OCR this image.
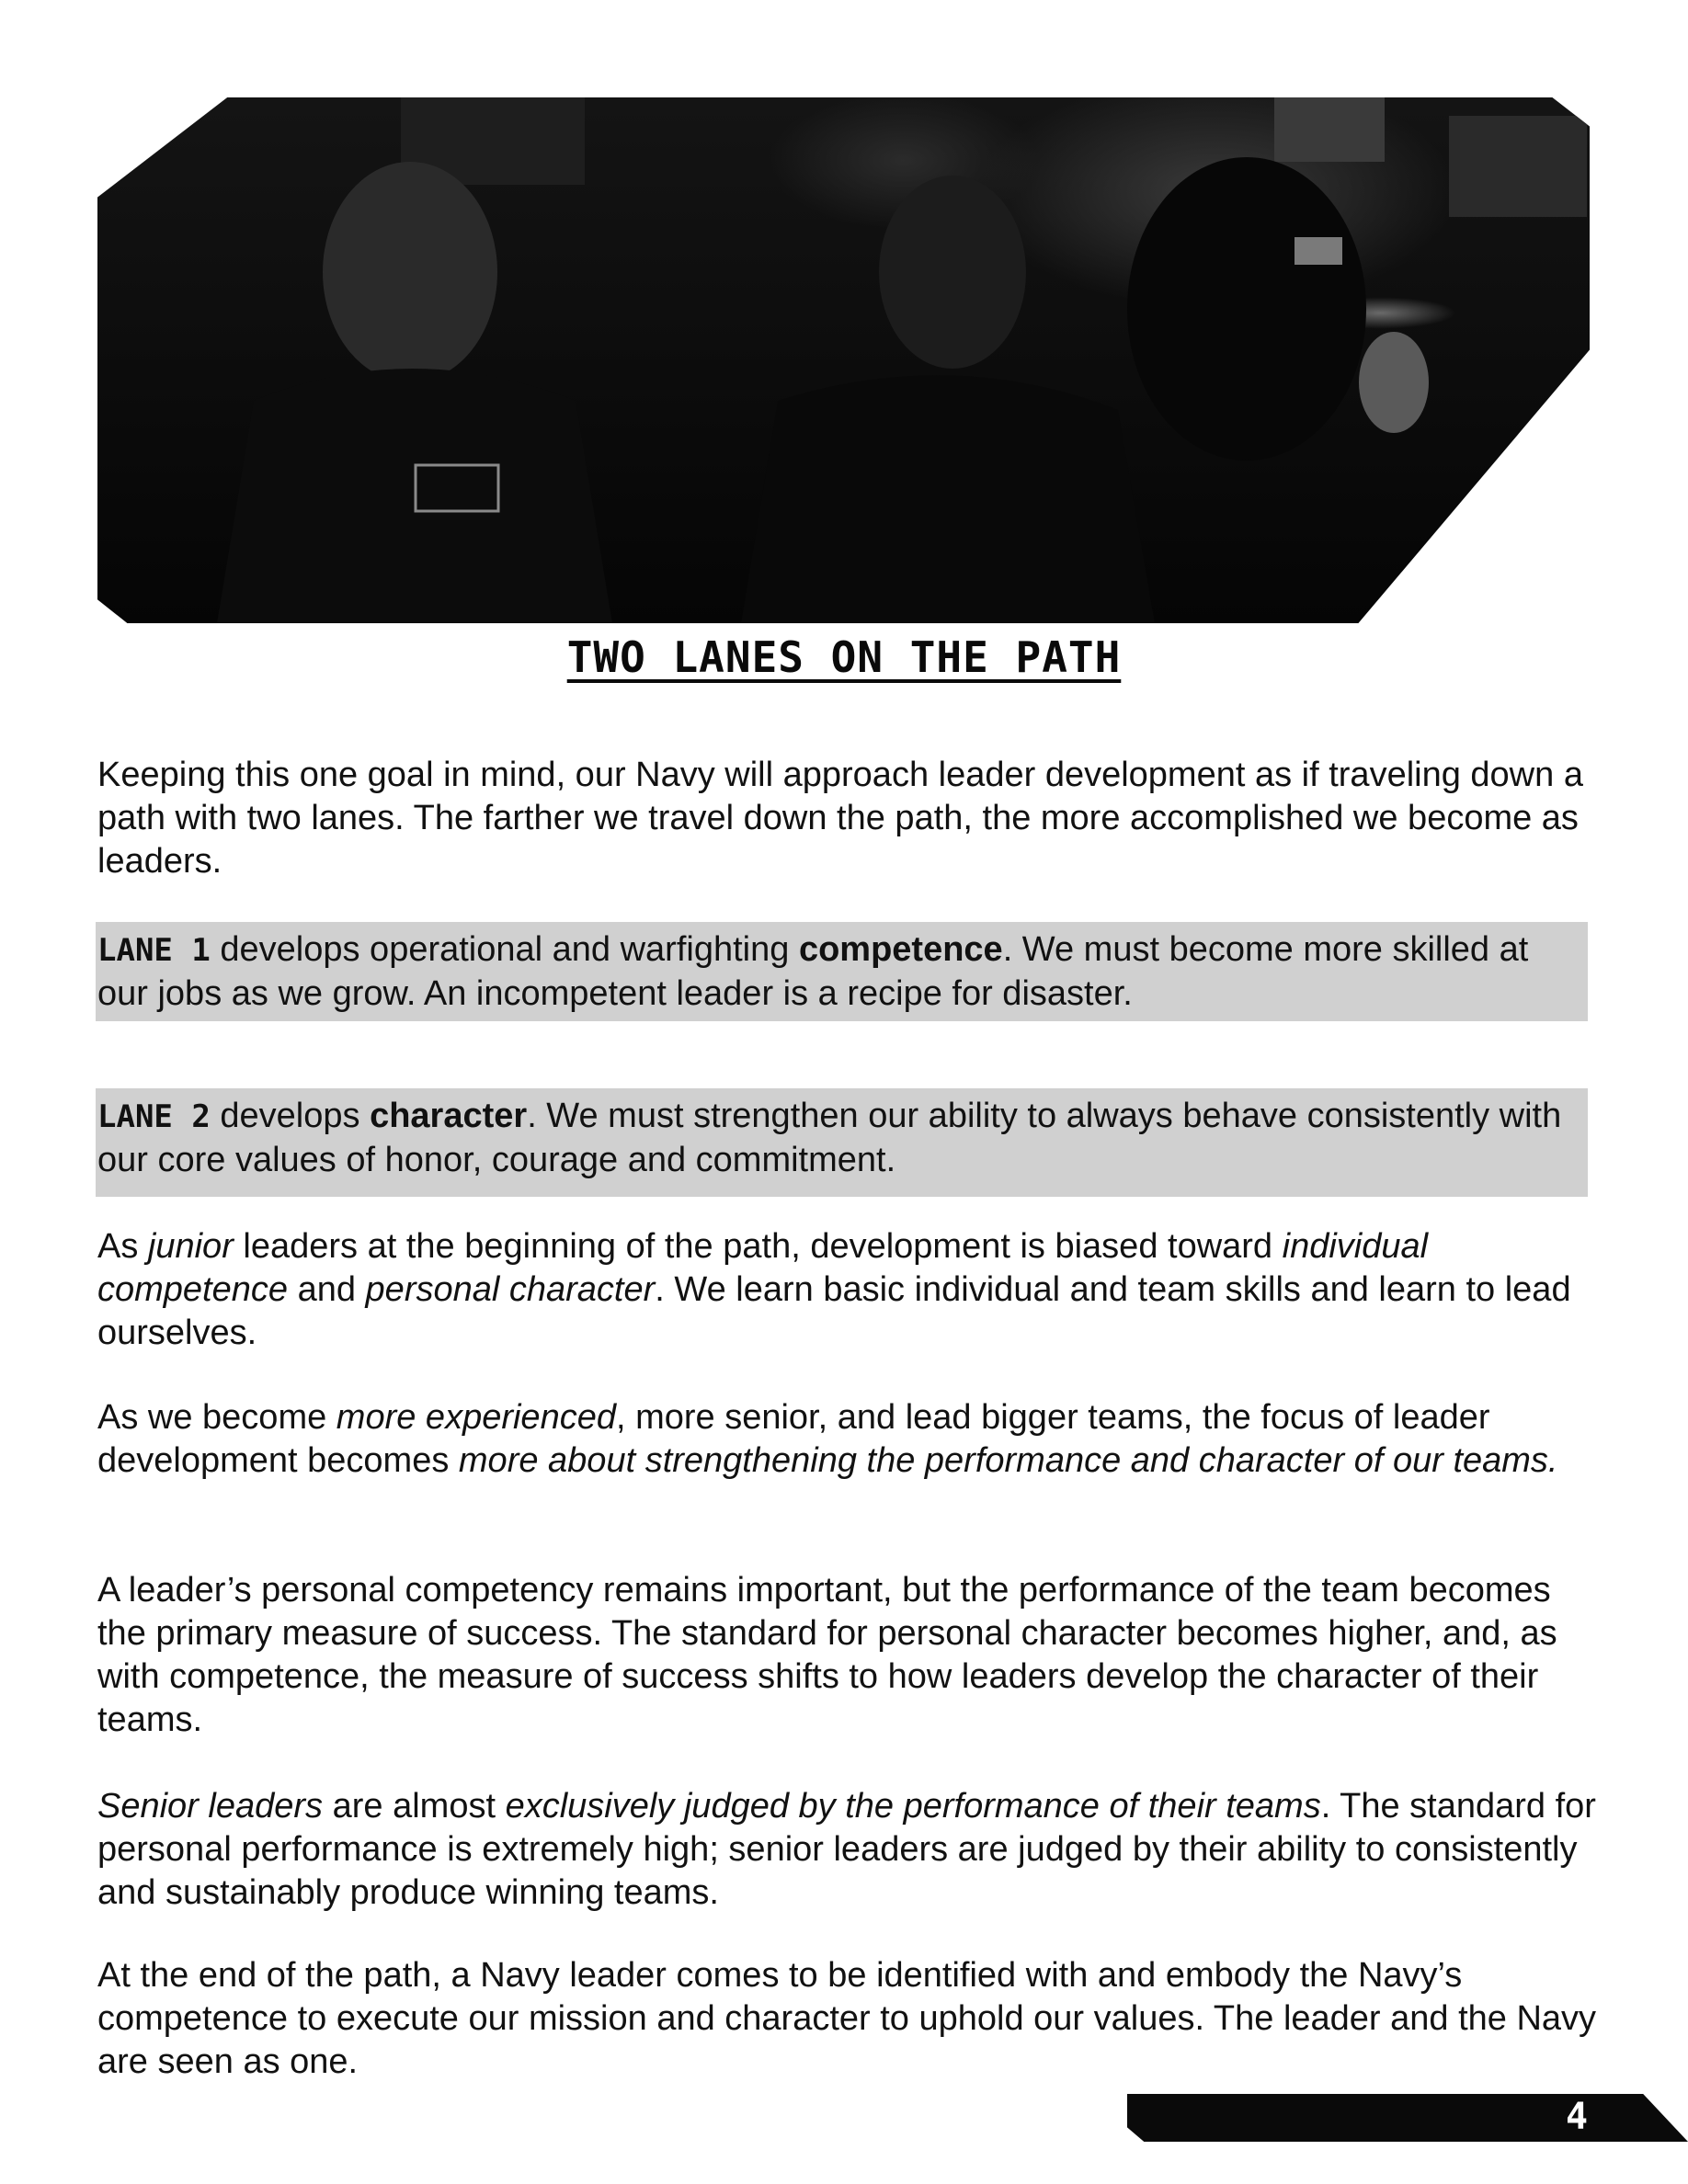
TWO LANES ON THE PATH

Keeping this one goal in mind, our Navy will approach leader development as if traveling down a path with two lanes. The farther we travel down the path, the more accomplished we become as leaders.

LANE 1 develops operational and warfighting competence. We must become more skilled at our jobs as we grow. An incompetent leader is a recipe for disaster.

LANE 2 develops character. We must strengthen our ability to always behave consistently with our core values of honor, courage and commitment.

As junior leaders at the beginning of the path, development is biased toward individual competence and personal character. We learn basic individual and team skills and learn to lead ourselves.

As we become more experienced, more senior, and lead bigger teams, the focus of leader development becomes more about strengthening the performance and character of our teams.

A leader’s personal competency remains important, but the performance of the team becomes the primary measure of success. The standard for personal character becomes higher, and, as with competence, the measure of success shifts to how leaders develop the character of their teams.

Senior leaders are almost exclusively judged by the performance of their teams. The standard for personal performance is extremely high; senior leaders are judged by their ability to consistently and sustainably produce winning teams.

At the end of the path, a Navy leader comes to be identified with and embody the Navy’s competence to execute our mission and character to uphold our values. The leader and the Navy are seen as one.

4
